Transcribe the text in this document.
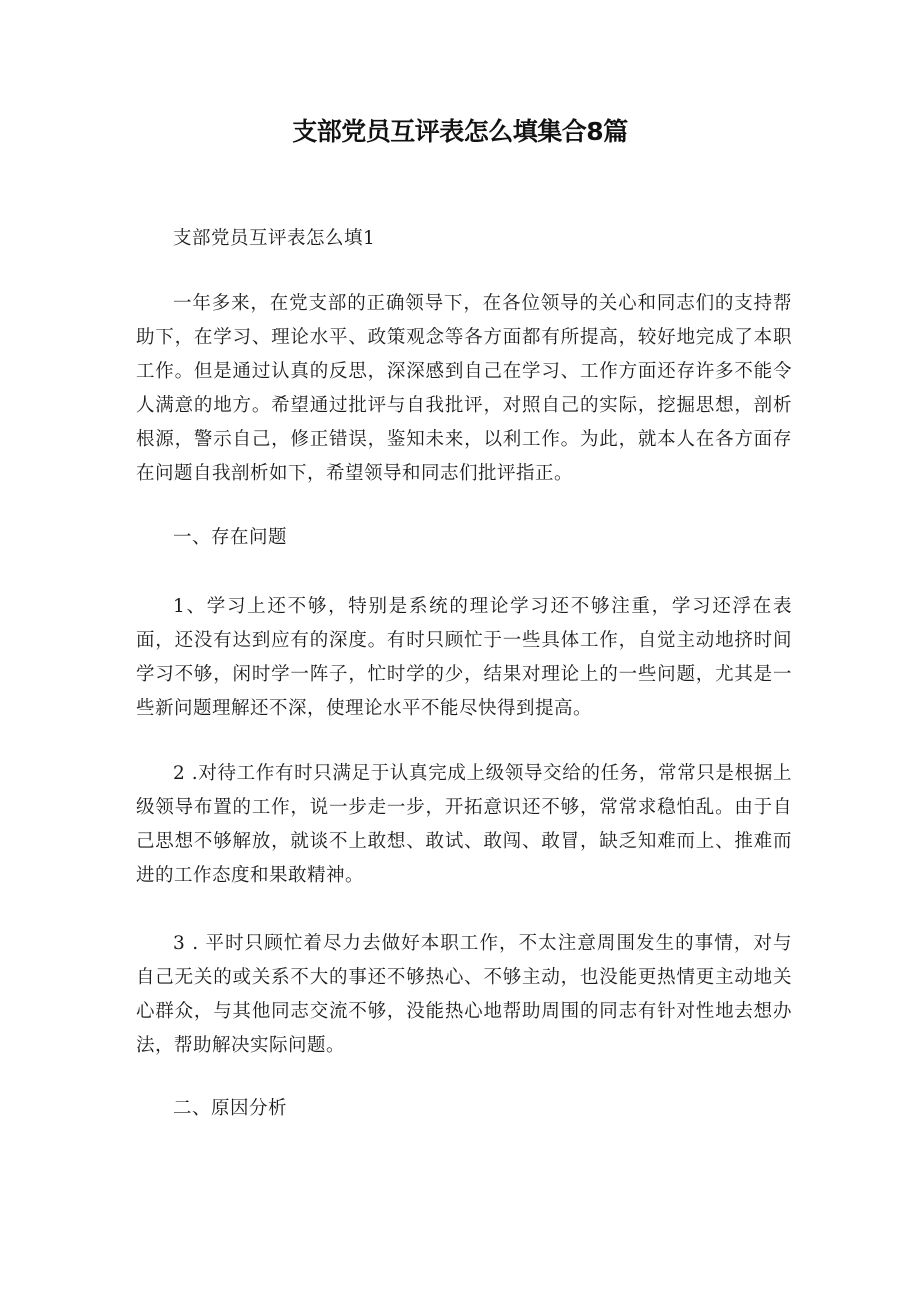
支部党员互评表怎么填集合8篇

支部党员互评表怎么填1

一年多来，在党支部的正确领导下，在各位领导的关心和同志们的支持帮助下，在学习、理论水平、政策观念等各方面都有所提高，较好地完成了本职工作。但是通过认真的反思，深深感到自己在学习、工作方面还存许多不能令人满意的地方。希望通过批评与自我批评，对照自己的实际，挖掘思想，剖析根源，警示自己，修正错误，鉴知未来，以利工作。为此，就本人在各方面存在问题自我剖析如下，希望领导和同志们批评指正。

一、存在问题

1、学习上还不够，特别是系统的理论学习还不够注重，学习还浮在表面，还没有达到应有的深度。有时只顾忙于一些具体工作，自觉主动地挤时间学习不够，闲时学一阵子，忙时学的少，结果对理论上的一些问题，尤其是一些新问题理解还不深，使理论水平不能尽快得到提高。

2 .对待工作有时只满足于认真完成上级领导交给的任务，常常只是根据上级领导布置的工作，说一步走一步，开拓意识还不够，常常求稳怕乱。由于自己思想不够解放，就谈不上敢想、敢试、敢闯、敢冒，缺乏知难而上、推难而进的工作态度和果敢精神。

3 . 平时只顾忙着尽力去做好本职工作，不太注意周围发生的事情，对与自己无关的或关系不大的事还不够热心、不够主动，也没能更热情更主动地关心群众，与其他同志交流不够，没能热心地帮助周围的同志有针对性地去想办法，帮助解决实际问题。

二、原因分析
